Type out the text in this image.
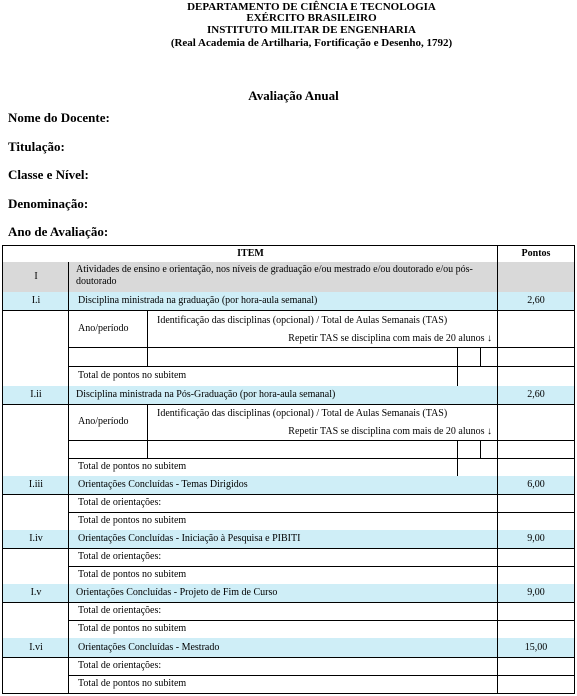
DEPARTAMENTO DE CIÊNCIA E TECNOLOGIA
EXÉRCITO BRASILEIRO
INSTITUTO MILITAR DE ENGENHARIA
(Real Academia de Artilharia, Fortificação e Desenho, 1792)
Avaliação Anual
Nome do Docente:
Titulação:
Classe e Nível:
Denominação:
Ano de Avaliação:
ITEM	Pontos
I
Atividades de ensino e orientação, nos níveis de graduação e/ou mestrado e/ou doutorado e/ou pós-doutorado
I.i	Disciplina ministrada na graduação (por hora-aula semanal)	2,60
Ano/período
Identificação das disciplinas (opcional) / Total de Aulas Semanais (TAS)
Repetir TAS se disciplina com mais de 20 alunos ↓
Total de pontos no subitem
I.ii	Disciplina ministrada na Pós-Graduação (por hora-aula semanal)	2,60
Ano/período
Identificação das disciplinas (opcional) / Total de Aulas Semanais (TAS)
Repetir TAS se disciplina com mais de 20 alunos ↓
Total de pontos no subitem
I.iii	Orientações Concluídas - Temas Dirigidos	6,00
Total de orientações:
Total de pontos no subitem
I.iv	Orientações Concluídas - Iniciação à Pesquisa e PIBITI	9,00
Total de orientações:
Total de pontos no subitem
I.v	Orientações Concluídas - Projeto de Fim de Curso	9,00
Total de orientações:
Total de pontos no subitem
I.vi	Orientações Concluídas - Mestrado	15,00
Total de orientações:
Total de pontos no subitem
